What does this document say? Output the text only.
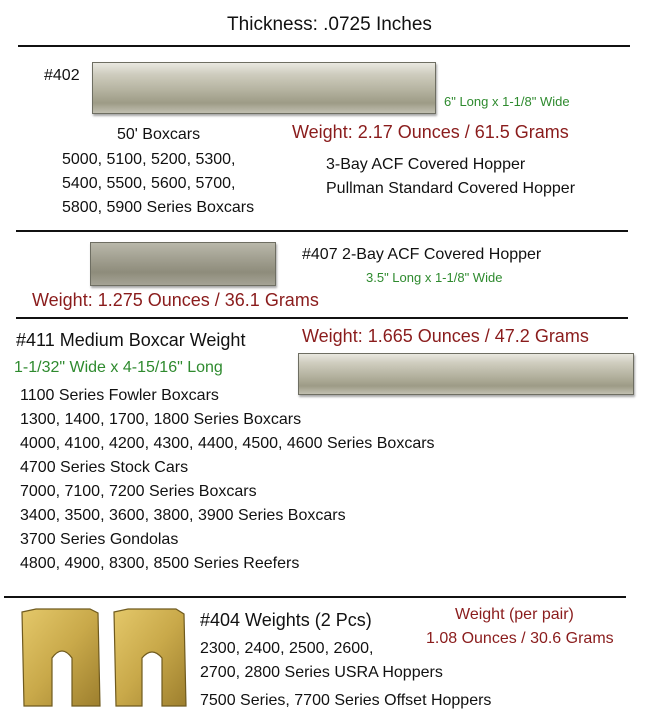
Thickness: .0725 Inches
#402
6" Long x 1-1/8" Wide
Weight: 2.17 Ounces / 61.5 Grams
50' Boxcars
5000, 5100, 5200, 5300,
5400, 5500, 5600, 5700,
5800, 5900 Series Boxcars
3-Bay ACF Covered Hopper
Pullman Standard Covered Hopper
#407 2-Bay ACF Covered Hopper
3.5" Long x 1-1/8" Wide
Weight: 1.275 Ounces / 36.1 Grams
#411 Medium Boxcar Weight	Weight: 1.665 Ounces / 47.2 Grams
1-1/32" Wide x 4-15/16" Long
1100 Series Fowler Boxcars
1300, 1400, 1700, 1800 Series Boxcars
4000, 4100, 4200, 4300, 4400, 4500, 4600 Series Boxcars
4700 Series Stock Cars
7000, 7100, 7200 Series Boxcars
3400, 3500, 3600, 3800, 3900 Series Boxcars
3700 Series Gondolas
4800, 4900, 8300, 8500 Series Reefers
#404 Weights (2 Pcs)	Weight (per pair)
1.08 Ounces / 30.6 Grams
2300, 2400, 2500, 2600,
2700, 2800 Series USRA Hoppers
7500 Series, 7700 Series Offset Hoppers
